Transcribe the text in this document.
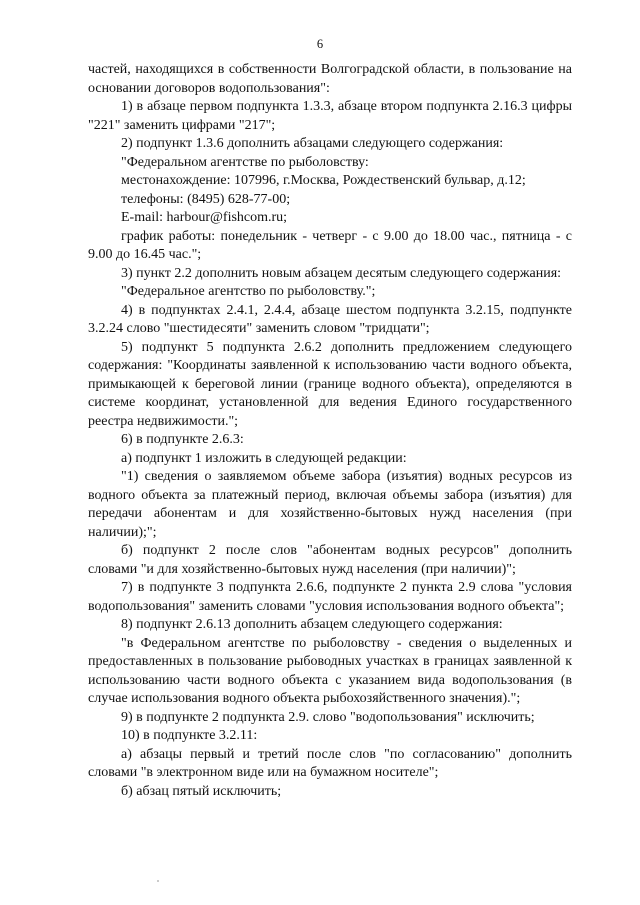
6

частей, находящихся в собственности Волгоградской области, в пользование на основании договоров водопользования":

1) в абзаце первом подпункта 1.3.3, абзаце втором подпункта 2.16.3 цифры "221" заменить цифрами "217";

2) подпункт 1.3.6 дополнить абзацами следующего содержания:

"Федеральном агентстве по рыболовству:

местонахождение: 107996, г.Москва, Рождественский бульвар, д.12;

телефоны: (8495) 628-77-00;

E-mail: harbour@fishcom.ru;

график работы: понедельник - четверг - с 9.00 до 18.00 час., пятница - с 9.00 до 16.45 час.";

3) пункт 2.2 дополнить новым абзацем десятым следующего содержания:

"Федеральное агентство по рыболовству.";

4) в подпунктах 2.4.1, 2.4.4, абзаце шестом подпункта 3.2.15, подпункте 3.2.24 слово "шестидесяти" заменить словом "тридцати";

5) подпункт 5 подпункта 2.6.2 дополнить предложением следующего содержания: "Координаты заявленной к использованию части водного объекта, примыкающей к береговой линии (границе водного объекта), определяются в системе координат, установленной для ведения Единого государственного реестра недвижимости.";

6) в подпункте 2.6.3:

а) подпункт 1 изложить в следующей редакции:

"1) сведения о заявляемом объеме забора (изъятия) водных ресурсов из водного объекта за платежный период, включая объемы забора (изъятия) для передачи абонентам и для хозяйственно-бытовых нужд населения (при наличии);";

б) подпункт 2 после слов "абонентам водных ресурсов" дополнить словами "и для хозяйственно-бытовых нужд населения (при наличии)";

7) в подпункте 3 подпункта 2.6.6, подпункте 2 пункта 2.9 слова "условия водопользования" заменить словами "условия использования водного объекта";

8) подпункт 2.6.13 дополнить абзацем следующего содержания:

"в Федеральном агентстве по рыболовству - сведения о выделенных и предоставленных в пользование рыбоводных участках в границах заявленной к использованию части водного объекта с указанием вида водопользования (в случае использования водного объекта рыбохозяйственного значения).";

9) в подпункте 2 подпункта 2.9. слово "водопользования" исключить;

10) в подпункте 3.2.11:

а) абзацы первый и третий после слов "по согласованию" дополнить словами "в электронном виде или на бумажном носителе";

б) абзац пятый исключить;
